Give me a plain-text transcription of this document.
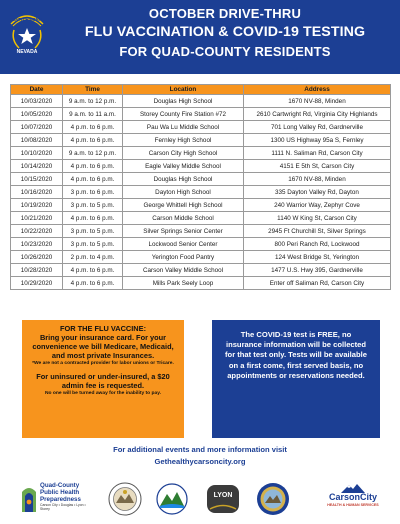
BATTLE BORN
NEVADA
OCTOBER DRIVE-THRU
FLU VACCINATION & COVID-19 TESTING
FOR QUAD-COUNTY RESIDENTS
Date	Time	Location	Address
10/03/2020	9 a.m. to 12 p.m.	Douglas High School	1670 NV-88, Minden
10/05/2020	9 a.m. to 11 a.m.	Storey County Fire Station #72	2610 Cartwright Rd, Virginia City Highlands
10/07/2020	4 p.m. to 6 p.m.	Pau Wa Lu Middle School	701 Long Valley Rd, Gardnerville
10/08/2020	4 p.m. to 6 p.m.	Fernley High School	1300 US Highway 95a S, Fernley
10/10/2020	9 a.m. to 12 p.m.	Carson City High School	1111 N. Saliman Rd, Carson City
10/14/2020	4 p.m. to 6 p.m.	Eagle Valley Middle School	4151 E 5th St, Carson City
10/15/2020	4 p.m. to 6 p.m.	Douglas High School	1670 NV-88, Minden
10/16/2020	3 p.m. to 6 p.m.	Dayton High School	335 Dayton Valley Rd, Dayton
10/19/2020	3 p.m. to 5 p.m.	George Whittell High School	240 Warrior Way, Zephyr Cove
10/21/2020	4 p.m. to 6 p.m.	Carson Middle School	1140 W King St, Carson City
10/22/2020	3 p.m. to 5 p.m.	Silver Springs Senior Center	2945 Ft Churchill St, Silver Springs
10/23/2020	3 p.m. to 5 p.m.	Lockwood Senior Center	800 Peri Ranch Rd, Lockwood
10/26/2020	2 p.m. to 4 p.m.	Yerington Food Pantry	124 West Bridge St, Yerington
10/28/2020	4 p.m. to 6 p.m.	Carson Valley Middle School	1477 U.S. Hwy 395, Gardnerville
10/29/2020	4 p.m. to 6 p.m.	Mills Park Seely Loop	Enter off Saliman Rd, Carson City
FOR THE FLU VACCINE:
Bring your insurance card. For your convenience we bill Medicare, Medicaid, and most private Insurances.
*We are not a contracted provider for labor unions or Tricare.
For uninsured or under-insured, a $20 admin fee is requested.
No one will be turned away for the inability to pay.
The COVID-19 test is FREE, no insurance information will be collected for that test only. Tests will be available on a first come, first served basis, no appointments or reservations needed.
For additional events and more information visit
Gethealthycarsoncity.org
Quad-County Public Health Preparedness
Carson City • Douglas • Lyon • Storey
LYON	CarsonCity
HEALTH & HUMAN SERVICES
